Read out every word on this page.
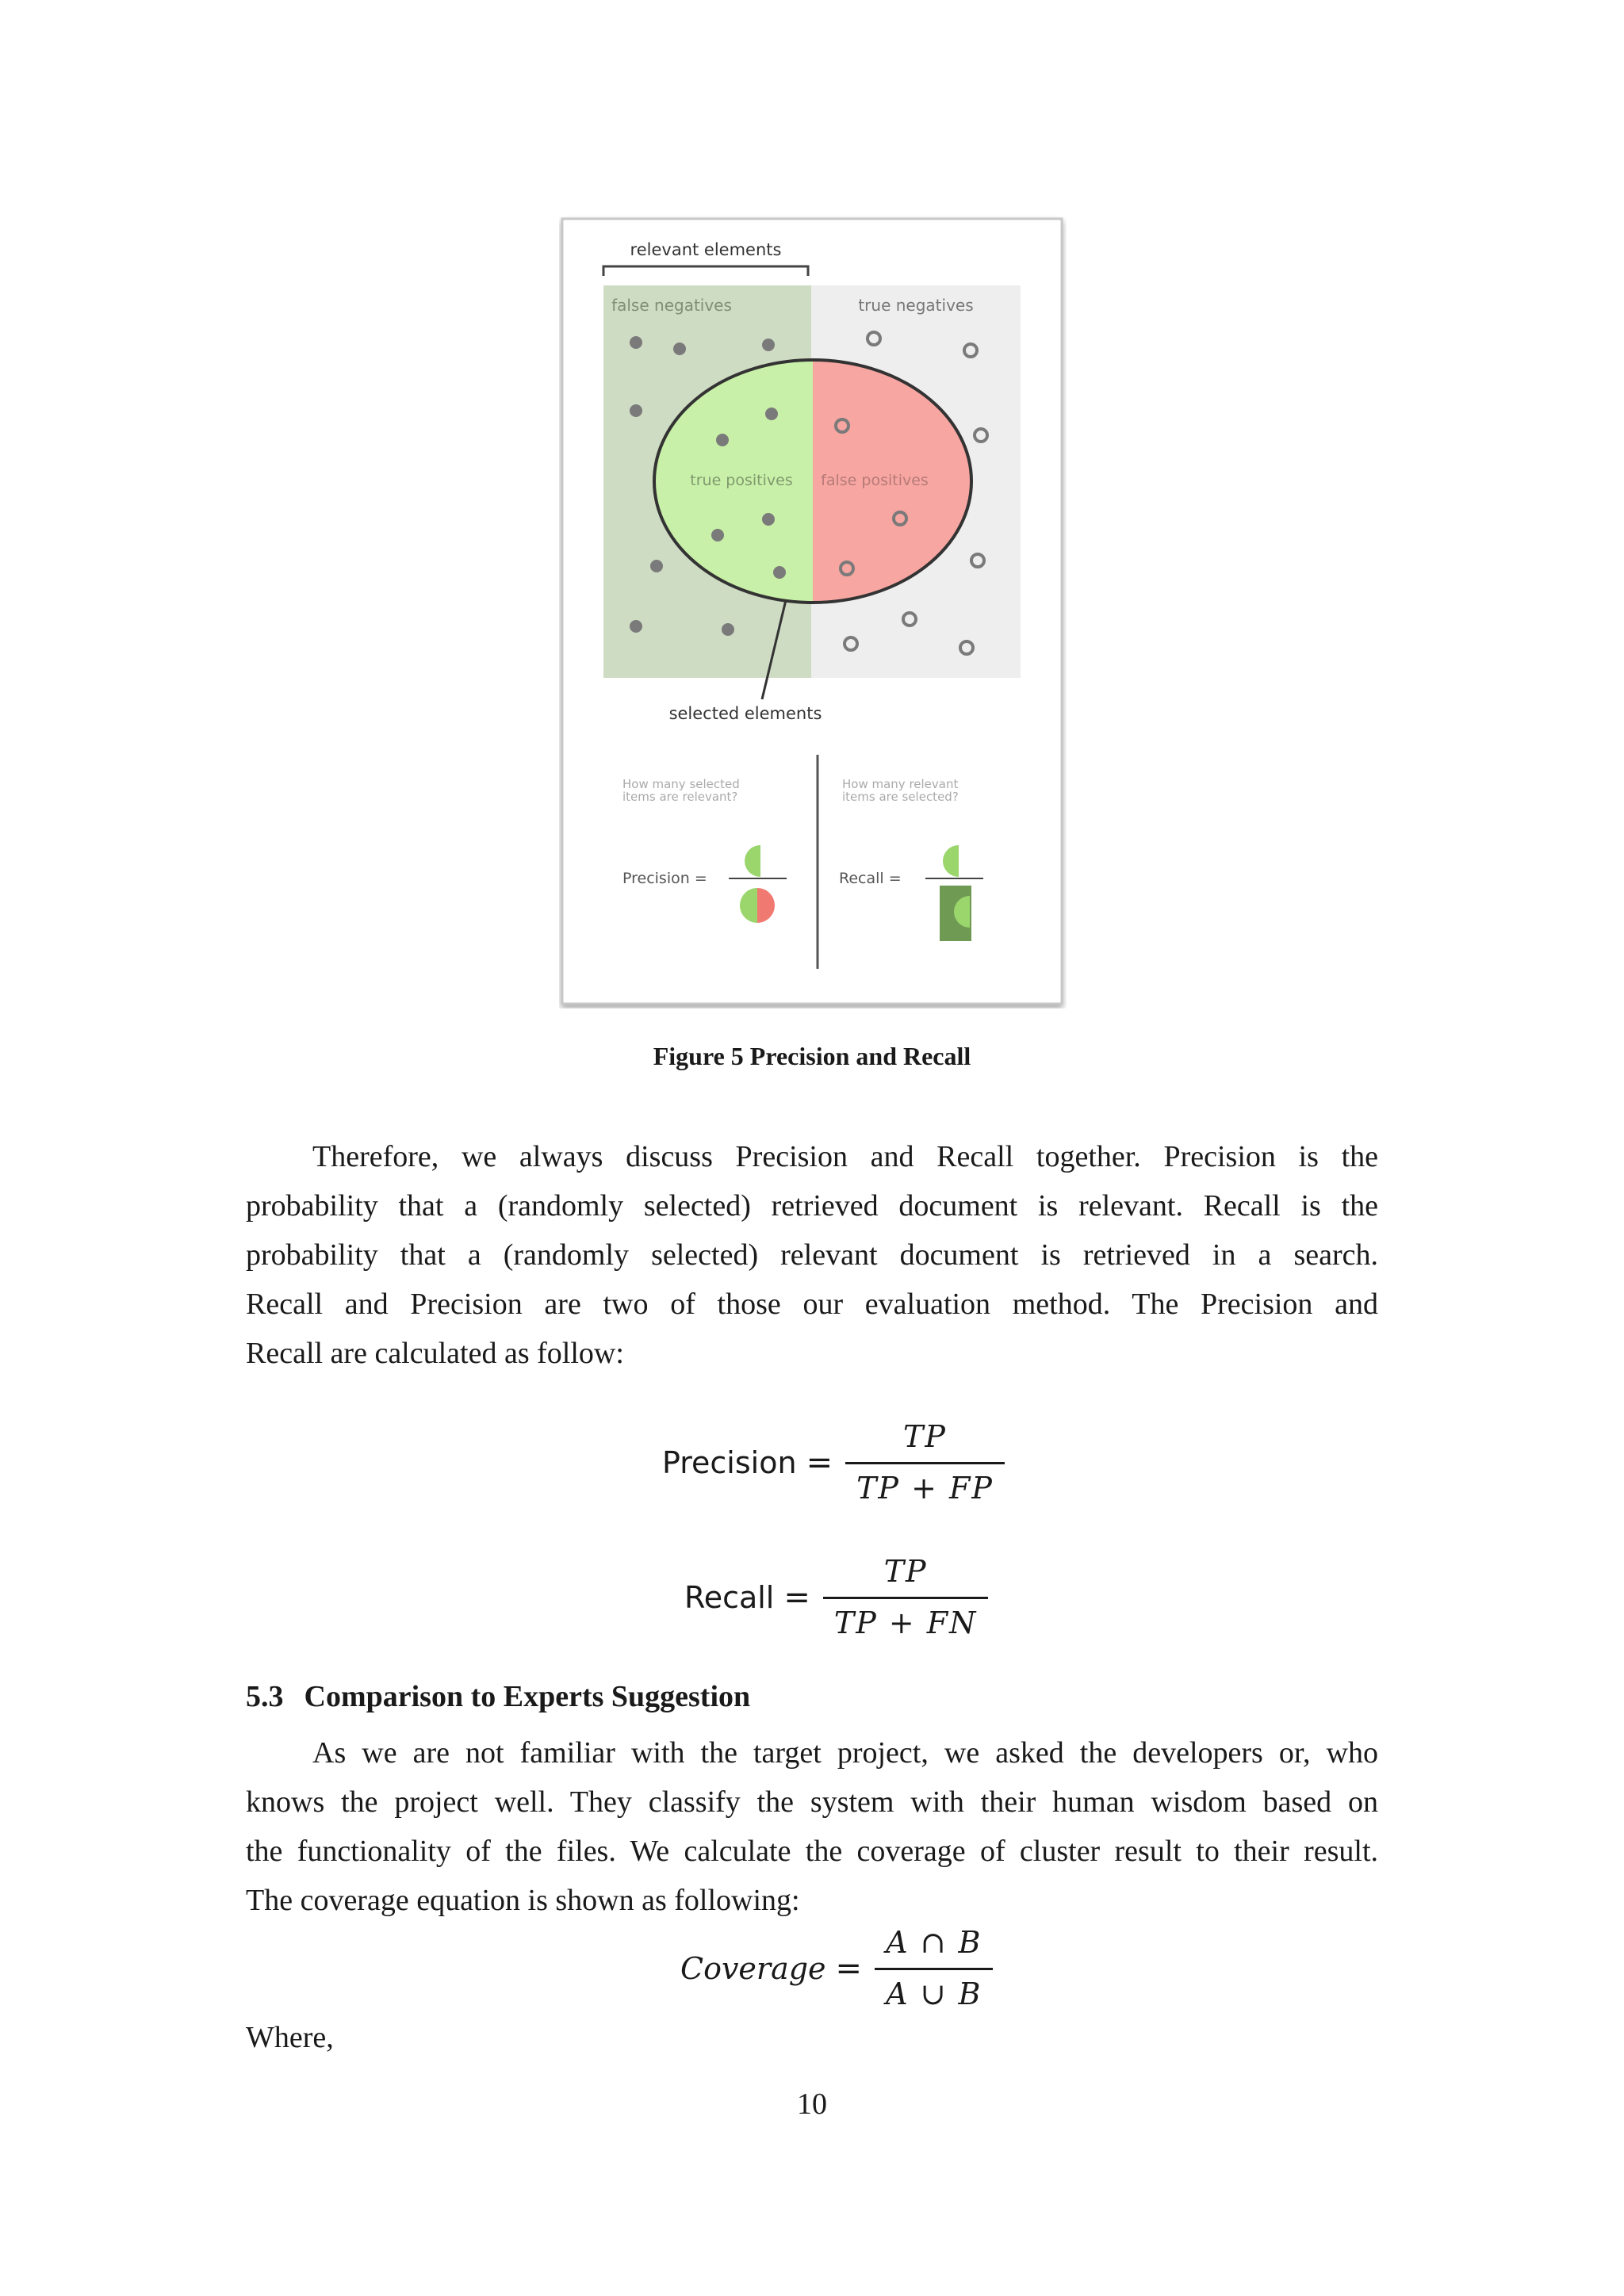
relevant elements
false negatives	true negatives
true positives false positives
selected elements
How many selected
items are relevant?
How many relevant
items are selected?
Precision =	Recall =
Figure 5 Precision and Recall
Therefore, we always discuss Precision and Recall together. Precision is the
probability that a (randomly selected) retrieved document is relevant. Recall is the
probability that a (randomly selected) relevant document is retrieved in a search.
Recall and Precision are two of those our evaluation method. The Precision and
Recall are calculated as follow:
Precision = $\frac{TP}{TP + FP}$
Recall = $\frac{TP}{TP + FN}$
5.3 Comparison to Experts Suggestion
As we are not familiar with the target project, we asked the developers or, who
knows the project well. They classify the system with their human wisdom based on
the functionality of the files. We calculate the coverage of cluster result to their result.
The coverage equation is shown as following:
Coverage = $\frac{A \cap B}{A \cup B}$
Where,
10
